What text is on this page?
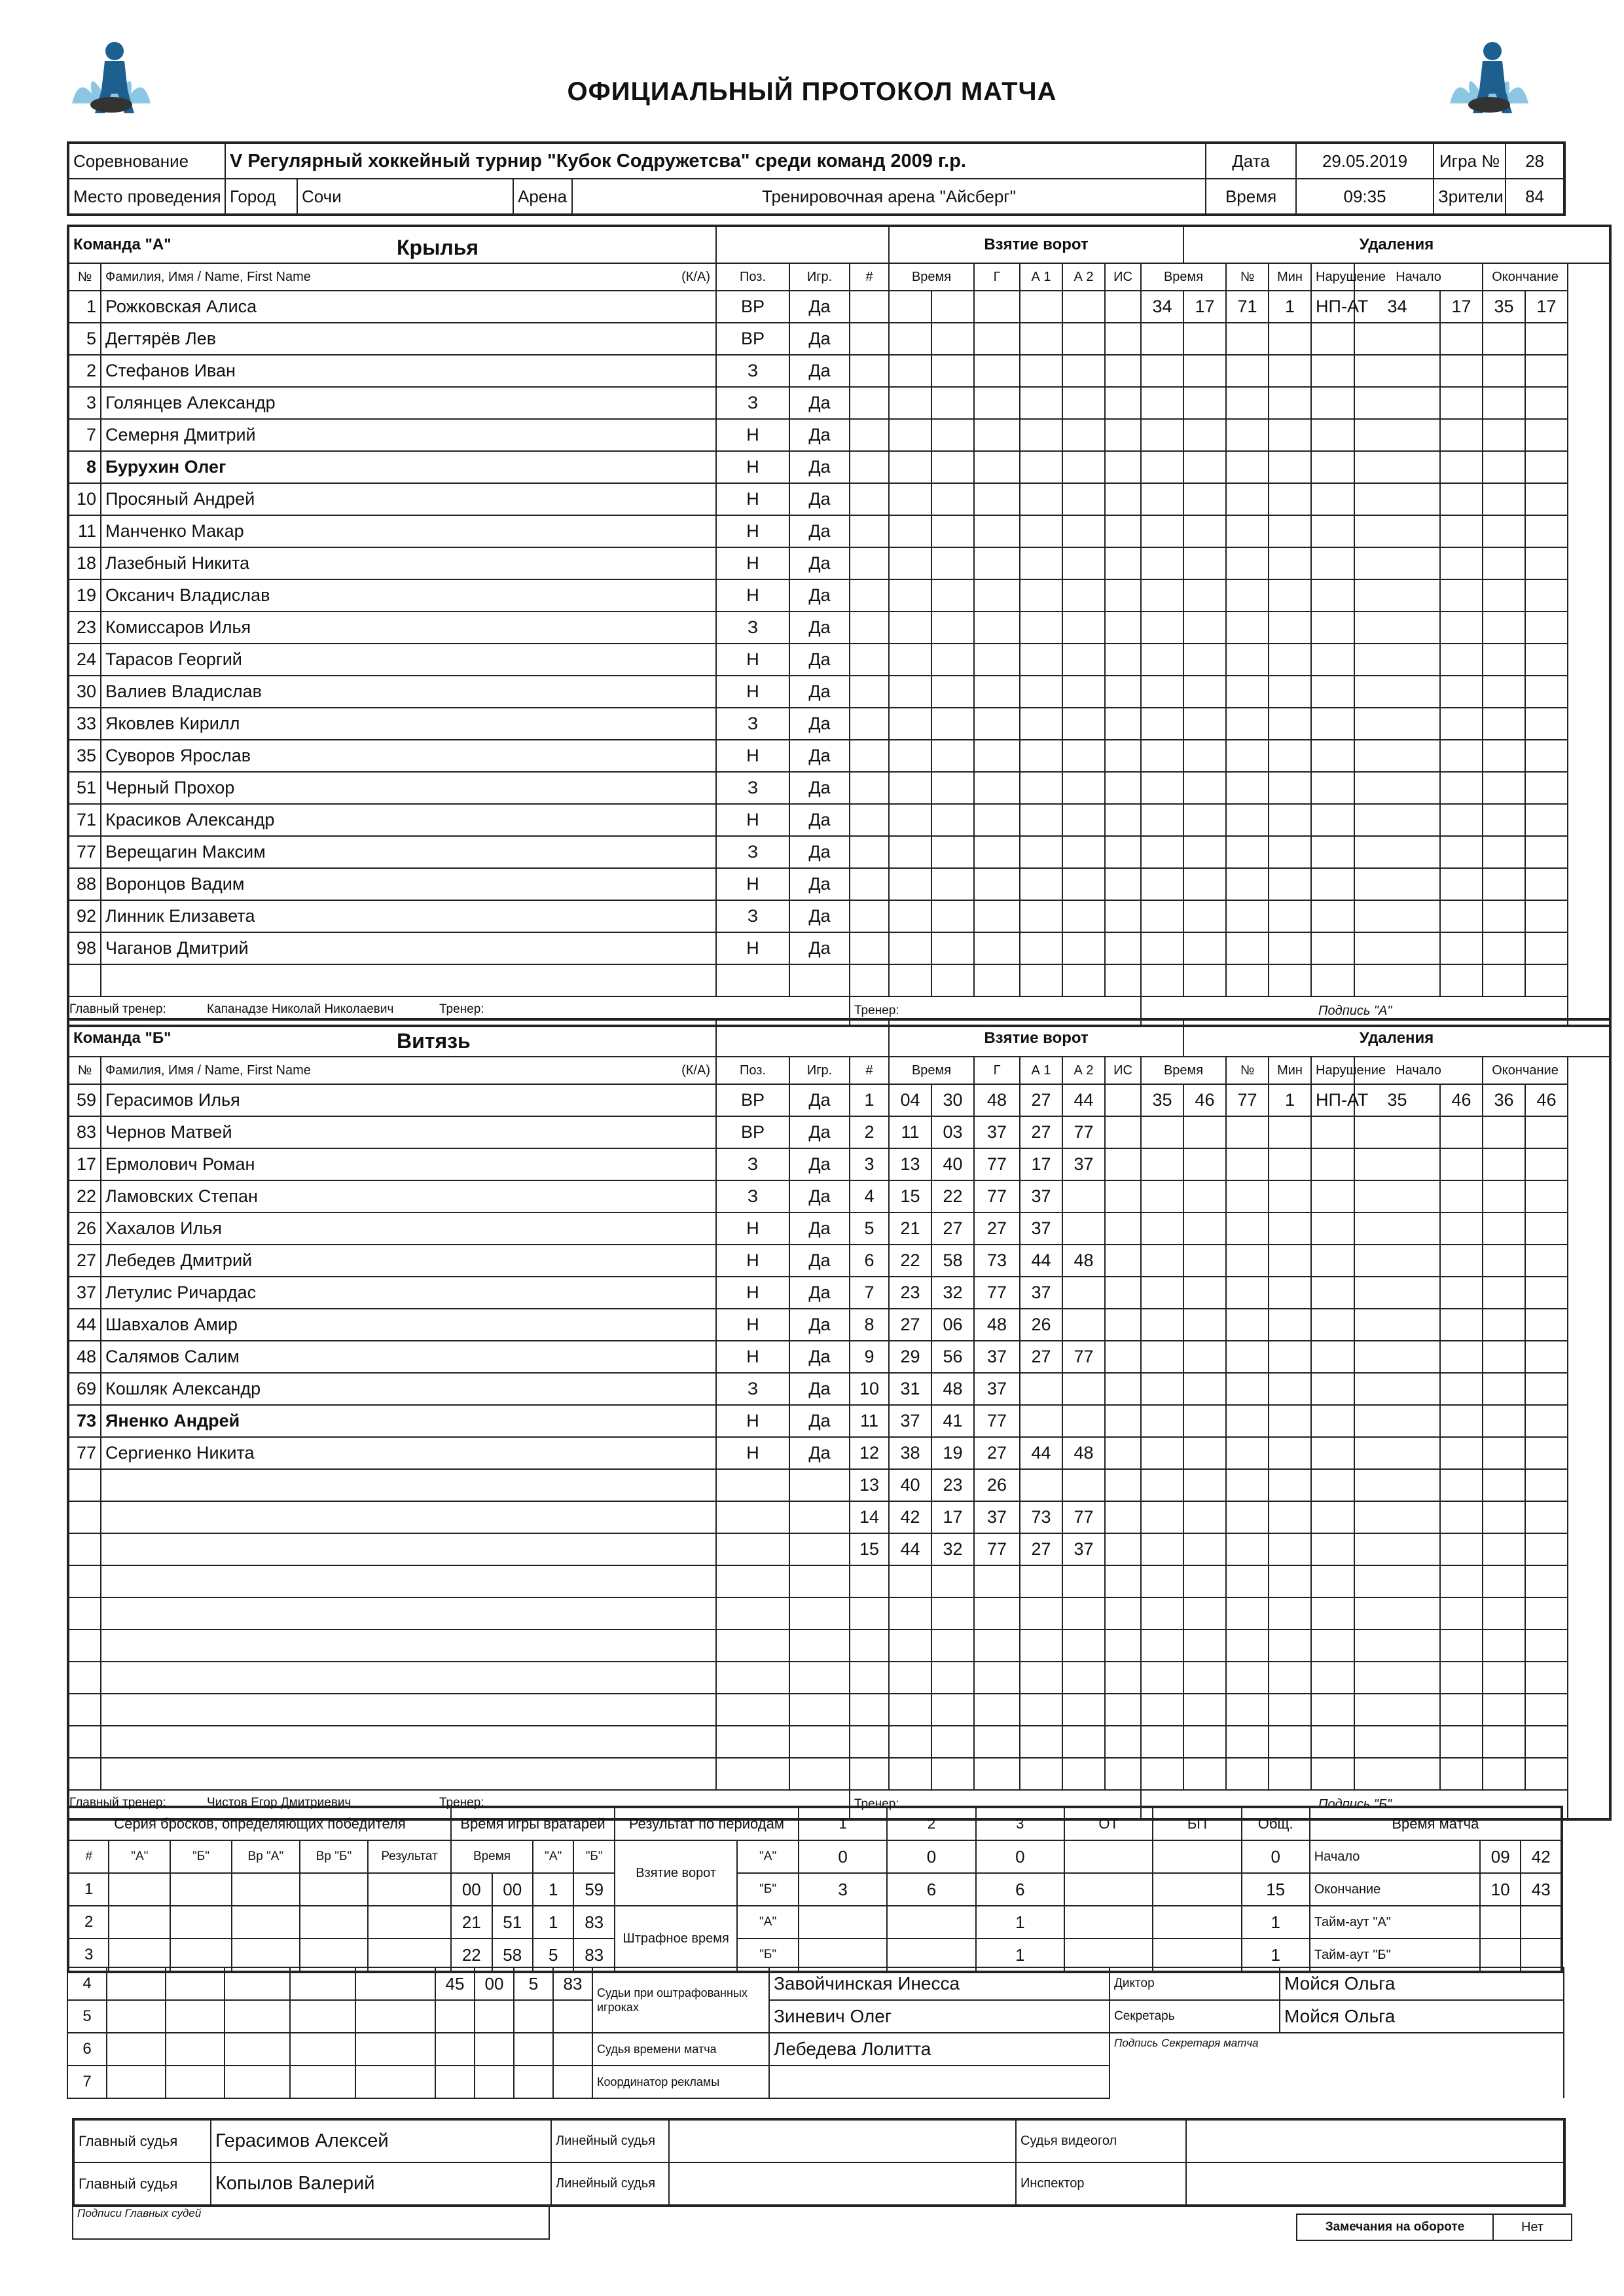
ОФИЦИАЛЬНЫЙ ПРОТОКОЛ МАТЧА
Соревнование	V Регулярный хоккейный турнир "Кубок Содружетсва" среди команд 2009 г.р.				Дата	29.05.2019	Игра №	28
Место проведения	Город	Сочи	Арена	Тренировочная арена "Айсберг"	Время	09:35	Зрители	84
Команда "А" Крылья					Взятие ворот							Удаления							
№	Фамилия, Имя / Name, First Name (К/А)	Поз.	Игр.	#	Время		Г	А 1	А 2	ИС	Время		№	Мин	Нарушение	Начало		Окончание	
1	Рожковская Алиса	ВР	Да								34	17	71	1	НП-АТ	34	17	35	17
5	Дегтярёв Лев	ВР	Да																
2	Стефанов Иван	З	Да																
3	Голянцев Александр	З	Да																
7	Семерня Дмитрий	Н	Да																
8	Бурухин Олег	Н	Да																
10	Просяный Андрей	Н	Да																
11	Манченко Макар	Н	Да																
18	Лазебный Никита	Н	Да																
19	Оксанич Владислав	Н	Да																
23	Комиссаров Илья	З	Да																
24	Тарасов Георгий	Н	Да																
30	Валиев Владислав	Н	Да																
33	Яковлев Кирилл	З	Да																
35	Суворов Ярослав	Н	Да																
51	Черный Прохор	З	Да																
71	Красиков Александр	Н	Да																
77	Верещагин Максим	З	Да																
88	Воронцов Вадим	Н	Да																
92	Линник Елизавета	З	Да																
98	Чаганов Дмитрий	Н	Да																

Главный тренер: Капанадзе Николай Николаевич Тренер:				Тренер:							Подпись "А"								
Команда "Б" Витязь					Взятие ворот							Удаления							
№	Фамилия, Имя / Name, First Name (К/А)	Поз.	Игр.	#	Время		Г	А 1	А 2	ИС	Время		№	Мин	Нарушение	Начало		Окончание	
59	Герасимов Илья	ВР	Да	1	04	30	48	27	44		35	46	77	1	НП-АТ	35	46	36	46
83	Чернов Матвей	ВР	Да	2	11	03	37	27	77										
17	Ермолович Роман	З	Да	3	13	40	77	17	37										
22	Ламовских Степан	З	Да	4	15	22	77	37											
26	Хахалов Илья	Н	Да	5	21	27	27	37											
27	Лебедев Дмитрий	Н	Да	6	22	58	73	44	48										
37	Летулис Ричардас	Н	Да	7	23	32	77	37											
44	Шавхалов Амир	Н	Да	8	27	06	48	26											
48	Салямов Салим	Н	Да	9	29	56	37	27	77										
69	Кошляк Александр	З	Да	10	31	48	37												
73	Яненко Андрей	Н	Да	11	37	41	77												
77	Сергиенко Никита	Н	Да	12	38	19	27	44	48										
				13	40	23	26												
				14	42	17	37	73	77										
				15	44	32	77	27	37										

Главный тренер: Чистов Егор Дмитриевич Тренер:				Тренер:							Подпись "Б"								
Серия бросков, определяющих победителя						Время игры вратарей				Результат по периодам		1	2	3	ОТ	БП	Общ.	Время матча		
#	"А"	"Б"	Вр "А"	Вр "Б"	Результат	Время		"А"	"Б"	Взятие ворот	"А"	0	0	0			0	Начало	09	42
1						00	00	1	59		"Б"	3	6	6			15	Окончание	10	43
2						21	51	1	83	Штрафное время	"А"			1			1	Тайм-аут "А"		
3						22	58	5	83		"Б"			1			1	Тайм-аут "Б"		
4						45	00	5	83	Судьи при оштрафованных игроках	Завойчинская Инесса	Диктор	Мойся Ольга
5											Зиневич Олег	Секретарь	Мойся Ольга
6										Судья времени матча	Лебедева Лолитта	Подпись Секретаря матча	
7										Координатор рекламы			
Главный судья	Герасимов Алексей	Линейный судья		Судья видеогол	
Главный судья	Копылов Валерий	Линейный судья		Инспектор	
Подписи Главных судей
Замечания на обороте	Нет
